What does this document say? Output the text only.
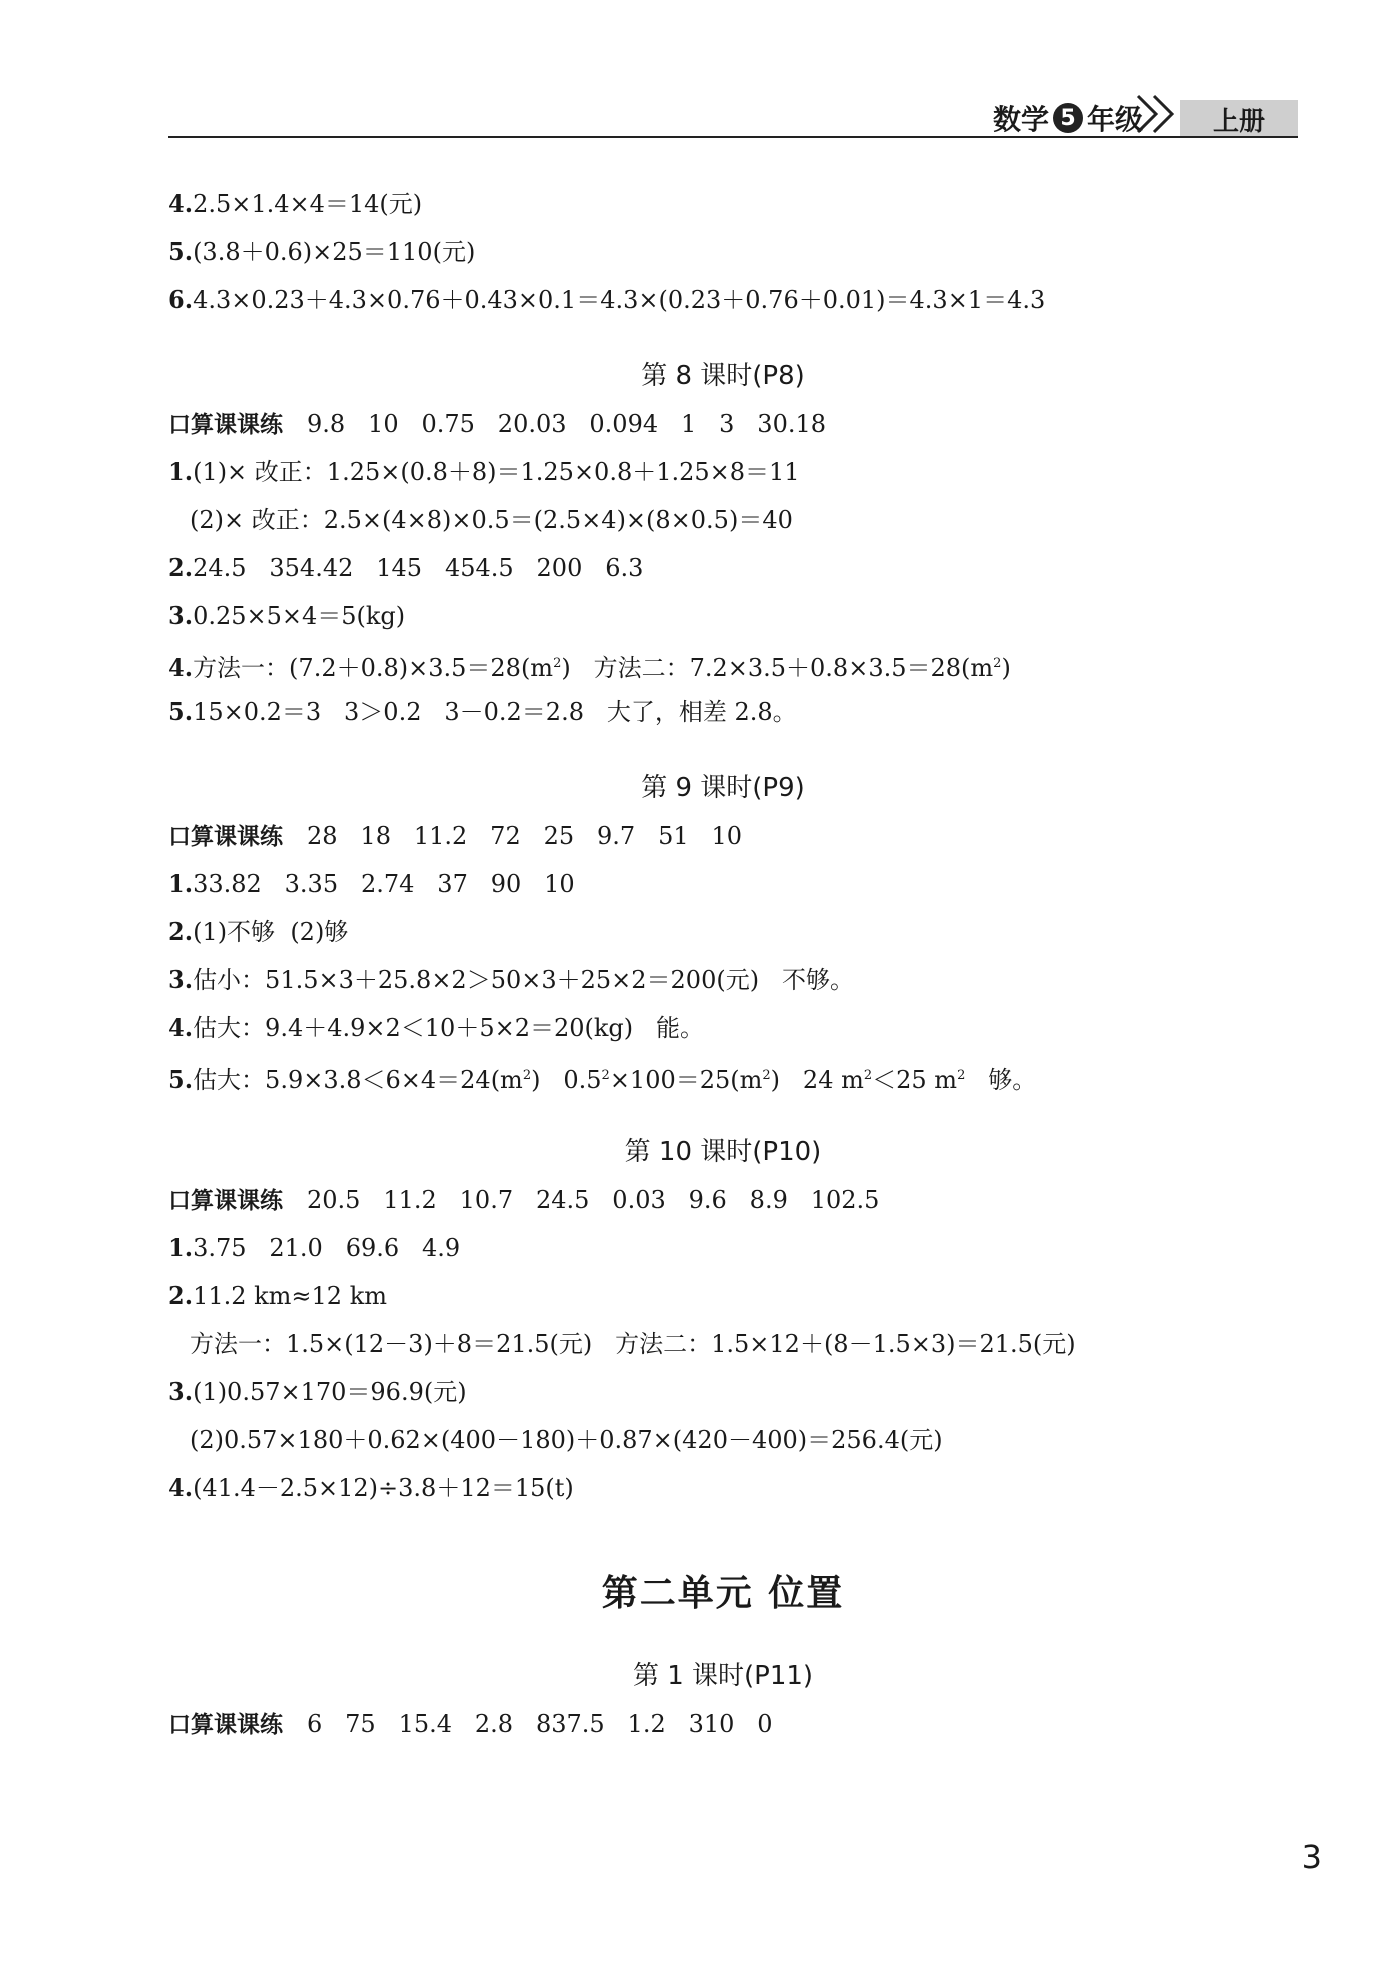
数学 5 年级	上册
4.2.5×1.4×4＝14(元)
5.(3.8＋0.6)×25＝110(元)
6.4.3×0.23＋4.3×0.76＋0.43×0.1＝4.3×(0.23＋0.76＋0.01)＝4.3×1＝4.3
第 8 课时(P8)
口算课课练 9.8   10   0.75   20.03   0.094   1   3   30.18
1.(1)× 改正：1.25×(0.8＋8)＝1.25×0.8＋1.25×8＝11
(2)× 改正：2.5×(4×8)×0.5＝(2.5×4)×(8×0.5)＝40
2.24.5   354.42   145   454.5   200   6.3
3.0.25×5×4＝5(kg)
4.方法一：$(7.2+0.8)\times 3.5=28(m^2)$   方法二：$7.2\times 3.5+0.8\times 3.5=28(m^2)$
5.15×0.2＝3   3＞0.2   3－0.2＝2.8   大了，相差 2.8。
第 9 课时(P9)
口算课课练 28   18   11.2   72   25   9.7   51   10
1.33.82   3.35   2.74   37   90   10
2.(1)不够  (2)够
3.估小：51.5×3＋25.8×2＞50×3＋25×2＝200(元)   不够。
4.估大：9.4＋4.9×2＜10＋5×2＝20(kg)   能。
5.估大：$5.9\times 3.8<6\times 4=24(m^2)$   $0.5^2\times 100=25(m^2)$   24 $m^2<25$ $m^2$   够。
第 10 课时(P10)
口算课课练 20.5   11.2   10.7   24.5   0.03   9.6   8.9   102.5
1.3.75   21.0   69.6   4.9
2.11.2 km≈12 km
方法一：1.5×(12－3)＋8＝21.5(元)   方法二：1.5×12＋(8－1.5×3)＝21.5(元)
3.(1)0.57×170＝96.9(元)
(2)0.57×180＋0.62×(400－180)＋0.87×(420－400)＝256.4(元)
4.(41.4－2.5×12)÷3.8＋12＝15(t)
第二单元 位置
第 1 课时(P11)
口算课课练 6   75   15.4   2.8   837.5   1.2   310   0
3
